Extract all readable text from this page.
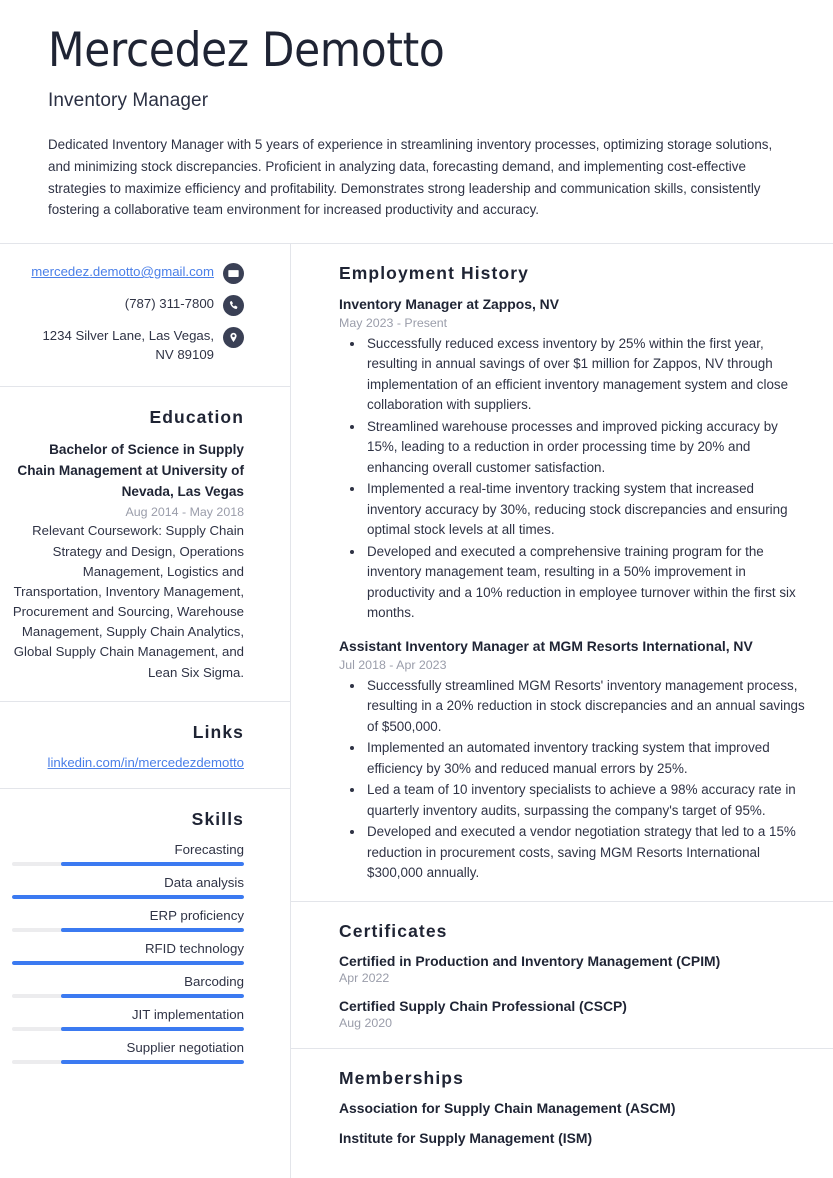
Mercedez Demotto
Inventory Manager

Dedicated Inventory Manager with 5 years of experience in streamlining inventory processes, optimizing storage solutions, and minimizing stock discrepancies. Proficient in analyzing data, forecasting demand, and implementing cost-effective strategies to maximize efficiency and profitability. Demonstrates strong leadership and communication skills, consistently fostering a collaborative team environment for increased productivity and accuracy.

mercedez.demotto@gmail.com
(787) 311-7800
1234 Silver Lane, Las Vegas, NV 89109
Education

Bachelor of Science in Supply Chain Management at University of Nevada, Las Vegas

Aug 2014 - May 2018

Relevant Coursework: Supply Chain Strategy and Design, Operations Management, Logistics and Transportation, Inventory Management, Procurement and Sourcing, Warehouse Management, Supply Chain Analytics, Global Supply Chain Management, and Lean Six Sigma.

Links
linkedin.com/in/mercedezdemotto
Skills
Forecasting
Data analysis
ERP proficiency
RFID technology
Barcoding
JIT implementation
Supplier negotiation
Employment History
Inventory Manager at Zappos, NV
May 2023 - Present
• Successfully reduced excess inventory by 25% within the first year, resulting in annual savings of over $1 million for Zappos, NV through implementation of an efficient inventory management system and close collaboration with suppliers.
• Streamlined warehouse processes and improved picking accuracy by 15%, leading to a reduction in order processing time by 20% and enhancing overall customer satisfaction.
• Implemented a real-time inventory tracking system that increased inventory accuracy by 30%, reducing stock discrepancies and ensuring optimal stock levels at all times.
• Developed and executed a comprehensive training program for the inventory management team, resulting in a 50% improvement in productivity and a 10% reduction in employee turnover within the first six months.
Assistant Inventory Manager at MGM Resorts International, NV
Jul 2018 - Apr 2023
• Successfully streamlined MGM Resorts' inventory management process, resulting in a 20% reduction in stock discrepancies and an annual savings of $500,000.
• Implemented an automated inventory tracking system that improved efficiency by 30% and reduced manual errors by 25%.
• Led a team of 10 inventory specialists to achieve a 98% accuracy rate in quarterly inventory audits, surpassing the company's target of 95%.
• Developed and executed a vendor negotiation strategy that led to a 15% reduction in procurement costs, saving MGM Resorts International $300,000 annually.
Certificates
Certified in Production and Inventory Management (CPIM)
Apr 2022
Certified Supply Chain Professional (CSCP)
Aug 2020
Memberships
Association for Supply Chain Management (ASCM)
Institute for Supply Management (ISM)
